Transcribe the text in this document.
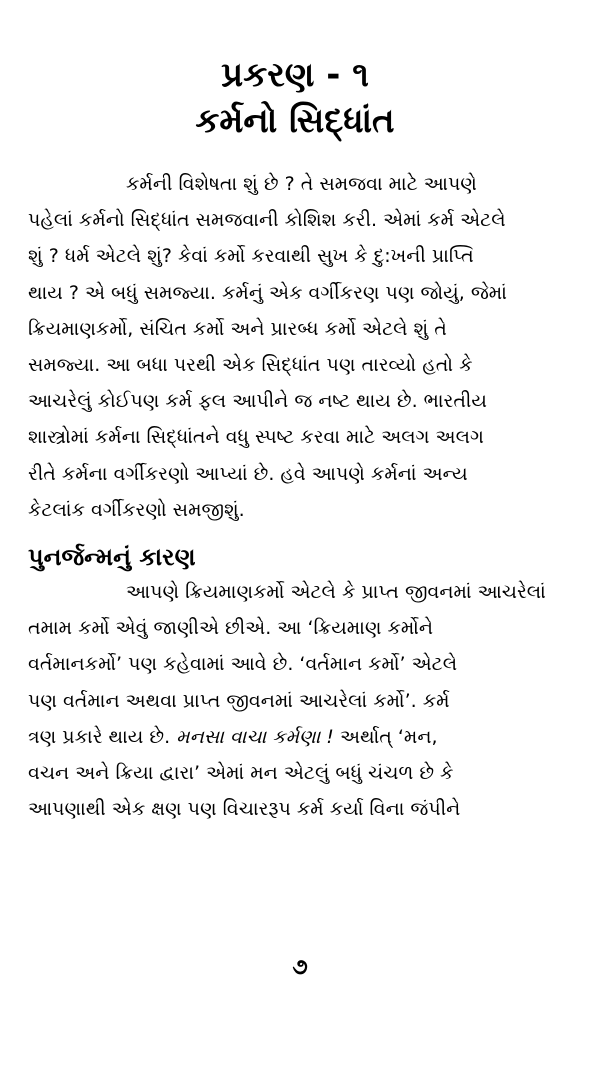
પ્રકરણ - ૧
કર્મનો સિદ્ધાંત

કર્મની વિશેષતા શું છે ? તે સમજવા માટે આપણે
પહેલાં કર્મનો સિદ્ધાંત સમજવાની કોશિશ કરી. એમાં કર્મ એટલે
શું ? ધર્મ એટલે શું? કેવાં કર્મો કરવાથી સુખ કે દુ:ખની પ્રાપ્તિ
થાય ? એ બધું સમજ્યા. કર્મનું એક વર્ગીકરણ પણ જોયું, જેમાં
ક્રિયમાણકર્મો, સંચિત કર્મો અને પ્રારબ્ધ કર્મો એટલે શું તે
સમજ્યા. આ બધા પરથી એક સિદ્ધાંત પણ તારવ્યો હતો કે
આચરેલું કોઈપણ કર્મ ફલ આપીને જ નષ્ટ થાય છે. ભારતીય
શાસ્ત્રોમાં કર્મના સિદ્ધાંતને વધુ સ્પષ્ટ કરવા માટે અલગ અલગ
રીતે કર્મના વર્ગીકરણો આપ્યાં છે. હવે આપણે કર્મનાં અન્ય
કેટલાંક વર્ગીકરણો સમજીશું.

પુનર્જન્મનું કારણ

આપણે ક્રિયમાણકર્મો એટલે કે પ્રાપ્ત જીવનમાં આચરેલાં
તમામ કર્મો એવું જાણીએ છીએ. આ ‘ક્રિયમાણ કર્મોને
વર્તમાનકર્મો’ પણ કહેવામાં આવે છે. ‘વર્તમાન કર્મો’ એટલે
પણ વર્તમાન અથવા પ્રાપ્ત જીવનમાં આચરેલાં કર્મો’. કર્મ
ત્રણ પ્રકારે થાય છે. મનસા વાચા કર્મણા ! અર્થાત્ ‘મન,
વચન અને ક્રિયા દ્વારા’ એમાં મન એટલું બધું ચંચળ છે કે
આપણાથી એક ક્ષણ પણ વિચારરૂપ કર્મ કર્યા વિના જંપીને

૭
